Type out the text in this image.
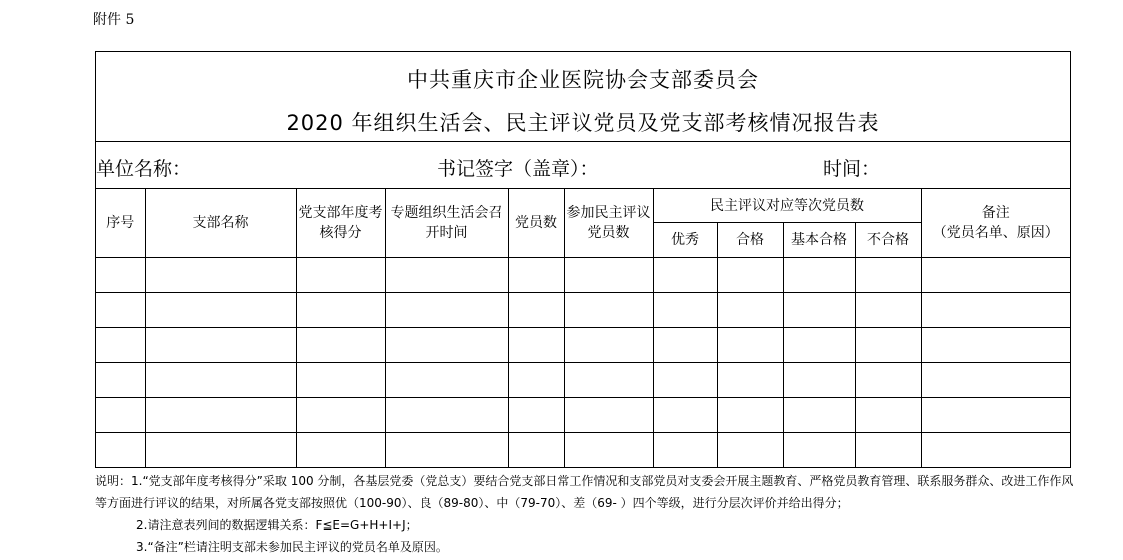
附件 5
中共重庆市企业医院协会支部委员会
2020 年组织生活会、民主评议党员及党支部考核情况报告表
单位名称：	书记签字（盖章）：	时间：
序号	支部名称	党支部年度考核得分	专题组织生活会召开时间	党员数	参加民主评议党员数	民主评议对应等次党员数				备注
（党员名单、原因）

						优秀	合格	基本合格	不合格	

说明：1.“党支部年度考核得分”采取 100 分制，各基层党委（党总支）要结合党支部日常工作情况和支部党员对支委会开展主题教育、严格党员教育管理、联系服务群众、改进工作作风等方面进行评议的结果，对所属各党支部按照优（100-90）、良（89-80）、中（79-70）、差（69- ）四个等级，进行分层次评价并给出得分；
2.请注意表列间的数据逻辑关系：F≦E=G+H+I+J；
3.“备注”栏请注明支部未参加民主评议的党员名单及原因。
